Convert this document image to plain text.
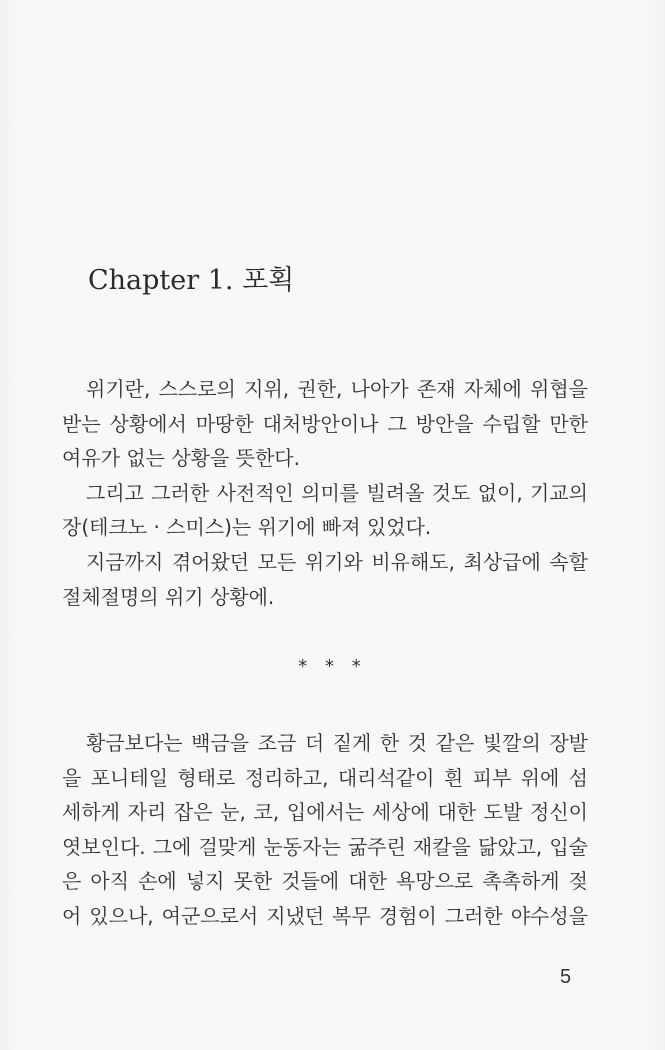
Chapter 1. 포획

위기란, 스스로의 지위, 권한, 나아가 존재 자체에 위협을
받는 상황에서 마땅한 대처방안이나 그 방안을 수립할 만한
여유가 없는 상황을 뜻한다.

그리고 그러한 사전적인 의미를 빌려올 것도 없이, 기교의
장(테크노 · 스미스)는 위기에 빠져 있었다.

지금까지 겪어왔던 모든 위기와 비유해도, 최상급에 속할
절체절명의 위기 상황에.

* * *

황금보다는 백금을 조금 더 짙게 한 것 같은 빛깔의 장발
을 포니테일 형태로 정리하고, 대리석같이 흰 피부 위에 섬
세하게 자리 잡은 눈, 코, 입에서는 세상에 대한 도발 정신이
엿보인다. 그에 걸맞게 눈동자는 굶주린 재칼을 닮았고, 입술
은 아직 손에 넣지 못한 것들에 대한 욕망으로 촉촉하게 젖
어 있으나, 여군으로서 지냈던 복무 경험이 그러한 야수성을

5
